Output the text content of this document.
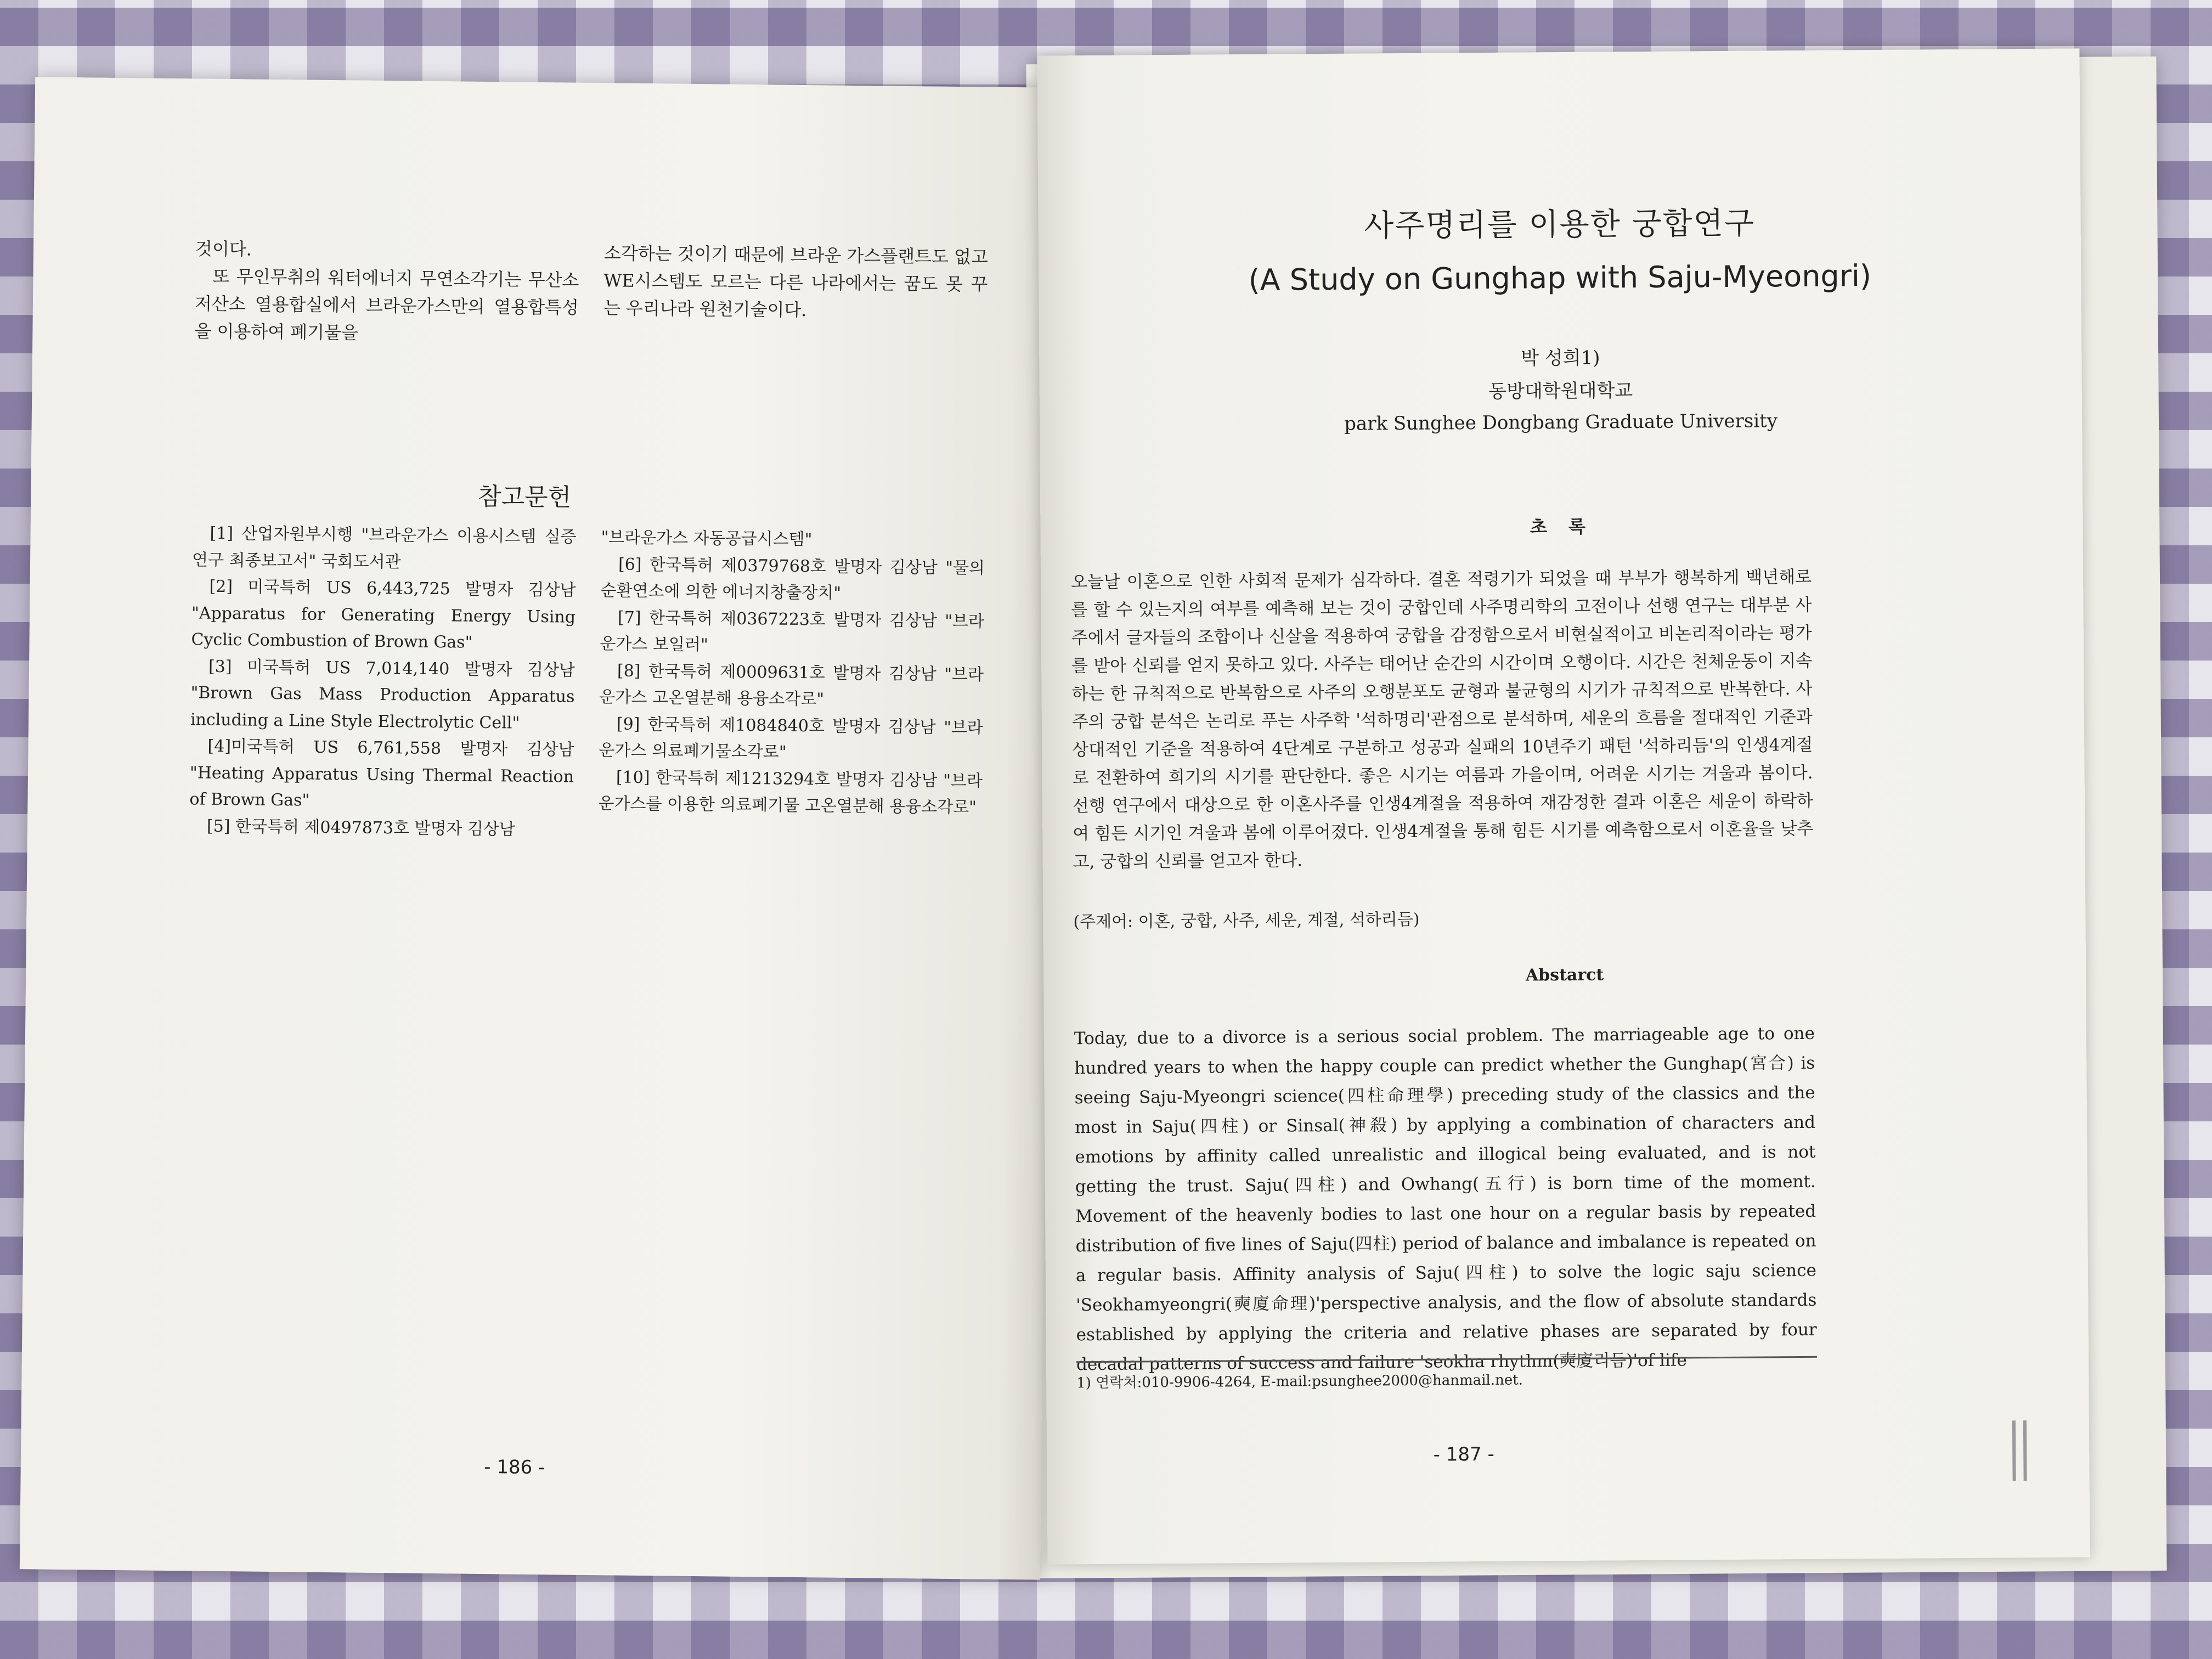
것이다.

또 무인무취의 워터에너지 무연소각기는 무산소저산소 열용합실에서 브라운가스만의 열용합특성을 이용하여 폐기물을

소각하는 것이기 때문에 브라운 가스플랜트도 없고 WE시스템도 모르는 다른 나라에서는 꿈도 못 꾸는 우리나라 원천기술이다.

참고문헌

[1] 산업자원부시행 "브라운가스 이용시스템 실증연구 최종보고서" 국회도서관

[2] 미국특허 US 6,443,725 발명자 김상남 "Apparatus for Generating Energy Using Cyclic Combustion of Brown Gas"

[3] 미국특허 US 7,014,140 발명자 김상남 "Brown Gas Mass Production Apparatus including a Line Style Electrolytic Cell"

[4]미국특허 US 6,761,558 발명자 김상남 "Heating Apparatus Using Thermal Reaction of Brown Gas"

[5] 한국특허 제0497873호 발명자 김상남

"브라운가스 자동공급시스템"

[6] 한국특허 제0379768호 발명자 김상남 "물의 순환연소에 의한 에너지창출장치"

[7] 한국특허 제0367223호 발명자 김상남 "브라운가스 보일러"

[8] 한국특허 제0009631호 발명자 김상남 "브라운가스 고온열분해 용융소각로"

[9] 한국특허 제1084840호 발명자 김상남 "브라운가스 의료폐기물소각로"

[10] 한국특허 제1213294호 발명자 김상남 "브라운가스를 이용한 의료폐기물 고온열분해 용융소각로"

- 186 -
사주명리를 이용한 궁합연구
(A Study on Gunghap with Saju-Myeongri)
박 성희1)
동방대학원대학교
park Sunghee Dongbang Graduate University
초 록

오늘날 이혼으로 인한 사회적 문제가 심각하다. 결혼 적령기가 되었을 때 부부가 행복하게 백년해로를 할 수 있는지의 여부를 예측해 보는 것이 궁합인데 사주명리학의 고전이나 선행 연구는 대부분 사주에서 글자들의 조합이나 신살을 적용하여 궁합을 감정함으로서 비현실적이고 비논리적이라는 평가를 받아 신뢰를 얻지 못하고 있다. 사주는 태어난 순간의 시간이며 오행이다. 시간은 천체운동이 지속하는 한 규칙적으로 반복함으로 사주의 오행분포도 균형과 불균형의 시기가 규칙적으로 반복한다. 사주의 궁합 분석은 논리로 푸는 사주학 '석하명리'관점으로 분석하며, 세운의 흐름을 절대적인 기준과 상대적인 기준을 적용하여 4단계로 구분하고 성공과 실패의 10년주기 패턴 '석하리듬'의 인생4계절로 전환하여 희기의 시기를 판단한다. 좋은 시기는 여름과 가을이며, 어려운 시기는 겨울과 봄이다. 선행 연구에서 대상으로 한 이혼사주를 인생4계절을 적용하여 재감정한 결과 이혼은 세운이 하락하여 힘든 시기인 겨울과 봄에 이루어졌다. 인생4계절을 통해 힘든 시기를 예측함으로서 이혼율을 낮추고, 궁합의 신뢰를 얻고자 한다.

(주제어: 이혼, 궁합, 사주, 세운, 계절, 석하리듬)
Abstarct

Today, due to a divorce is a serious social problem. The marriageable age to one hundred years to when the happy couple can predict whether the Gunghap(宮合) is seeing Saju-Myeongri science(四柱命理學) preceding study of the classics and the most in Saju(四柱) or Sinsal(神殺) by applying a combination of characters and emotions by affinity called unrealistic and illogical being evaluated, and is not getting the trust. Saju(四柱) and Owhang(五行) is born time of the moment. Movement of the heavenly bodies to last one hour on a regular basis by repeated distribution of five lines of Saju(四柱) period of balance and imbalance is repeated on a regular basis. Affinity analysis of Saju(四柱) to solve the logic saju science 'Seokhamyeongri(奭廈命理)'perspective analysis, and the flow of absolute standards established by applying the criteria and relative phases are separated by four decadal patterns of success and failure 'seokha rhythm(奭廈리듬)'of life

1) 연락처:010-9906-4264, E-mail:psunghee2000@hanmail.net.
- 187 -
